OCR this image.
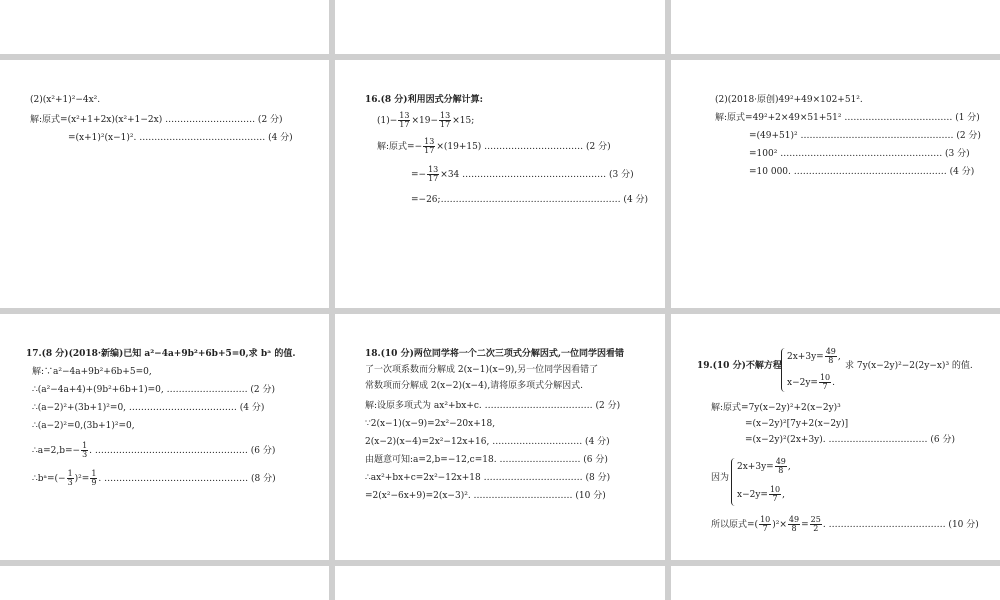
(2)(x²+1)²−4x².
解:原式=(x²+1+2x)(x²+1−2x) ………………………… (2 分)
=(x+1)²(x−1)². …………………………………… (4 分)
16.(8 分)利用因式分解计算:
$(1)- \frac{13}{17} \times 19- \frac{13}{17} \times 15$;
解:原式=− $\frac{13}{17} \times(19+15)$ …………………………… (2 分)
=− $\frac{13}{17} \times 34$ ………………………………………… (3 分)
=−26;…………………………………………………… (4 分)
(2)(2018·原创)49²+49×102+51².
解:原式=49²+2×49×51+51² ……………………………… (1 分)
=(49+51)² …………………………………………… (2 分)
=100² ……………………………………………… (3 分)
=10 000. …………………………………………… (4 分)
17.(8 分)(2018·新编)已知 a²−4a+9b²+6b+5=0,求 bᵃ 的值.
解:∵a²−4a+9b²+6b+5=0,
∴(a²−4a+4)+(9b²+6b+1)=0, ……………………… (2 分)
∴(a−2)²+(3b+1)²=0, ……………………………… (4 分)
∴(a−2)²=0,(3b+1)²=0,
∴a=2,b=− $\frac{1}{3}$ . …………………………………………… (6 分)
∴bᵃ=(− $\frac{1}{3} )^2= \frac{1}{9}$ . ………………………………………… (8 分)
18.(10 分)两位同学将一个二次三项式分解因式,一位同学因看错
了一次项系数而分解成 2(x−1)(x−9),另一位同学因看错了
常数项而分解成 2(x−2)(x−4),请将原多项式分解因式.
解:设原多项式为 ax²+bx+c. ……………………………… (2 分)
∵2(x−1)(x−9)=2x²−20x+18,
2(x−2)(x−4)=2x²−12x+16, ………………………… (4 分)
由题意可知:a=2,b=−12,c=18. ……………………… (6 分)
∴ax²+bx+c=2x²−12x+18 …………………………… (8 分)
=2(x²−6x+9)=2(x−3)². …………………………… (10 分)
19.(10 分)不解方程
$2x+3y= \frac{49}{8}$ ,
$x-2y= \frac{10}{7}$ .
求 7y(x−2y)²−2(2y−x)³ 的值.
解:原式=7y(x−2y)²+2(x−2y)³
=(x−2y)²[7y+2(x−2y)]
=(x−2y)²(2x+3y). …………………………… (6 分)
因为
$2x+3y= \frac{49}{8}$ ,
$x-2y= \frac{10}{7}$ ,
所以原式=( $\frac{10}{7} )^2\times \frac{49}{8} = \frac{25}{2}$ . ………………………………… (10 分)
